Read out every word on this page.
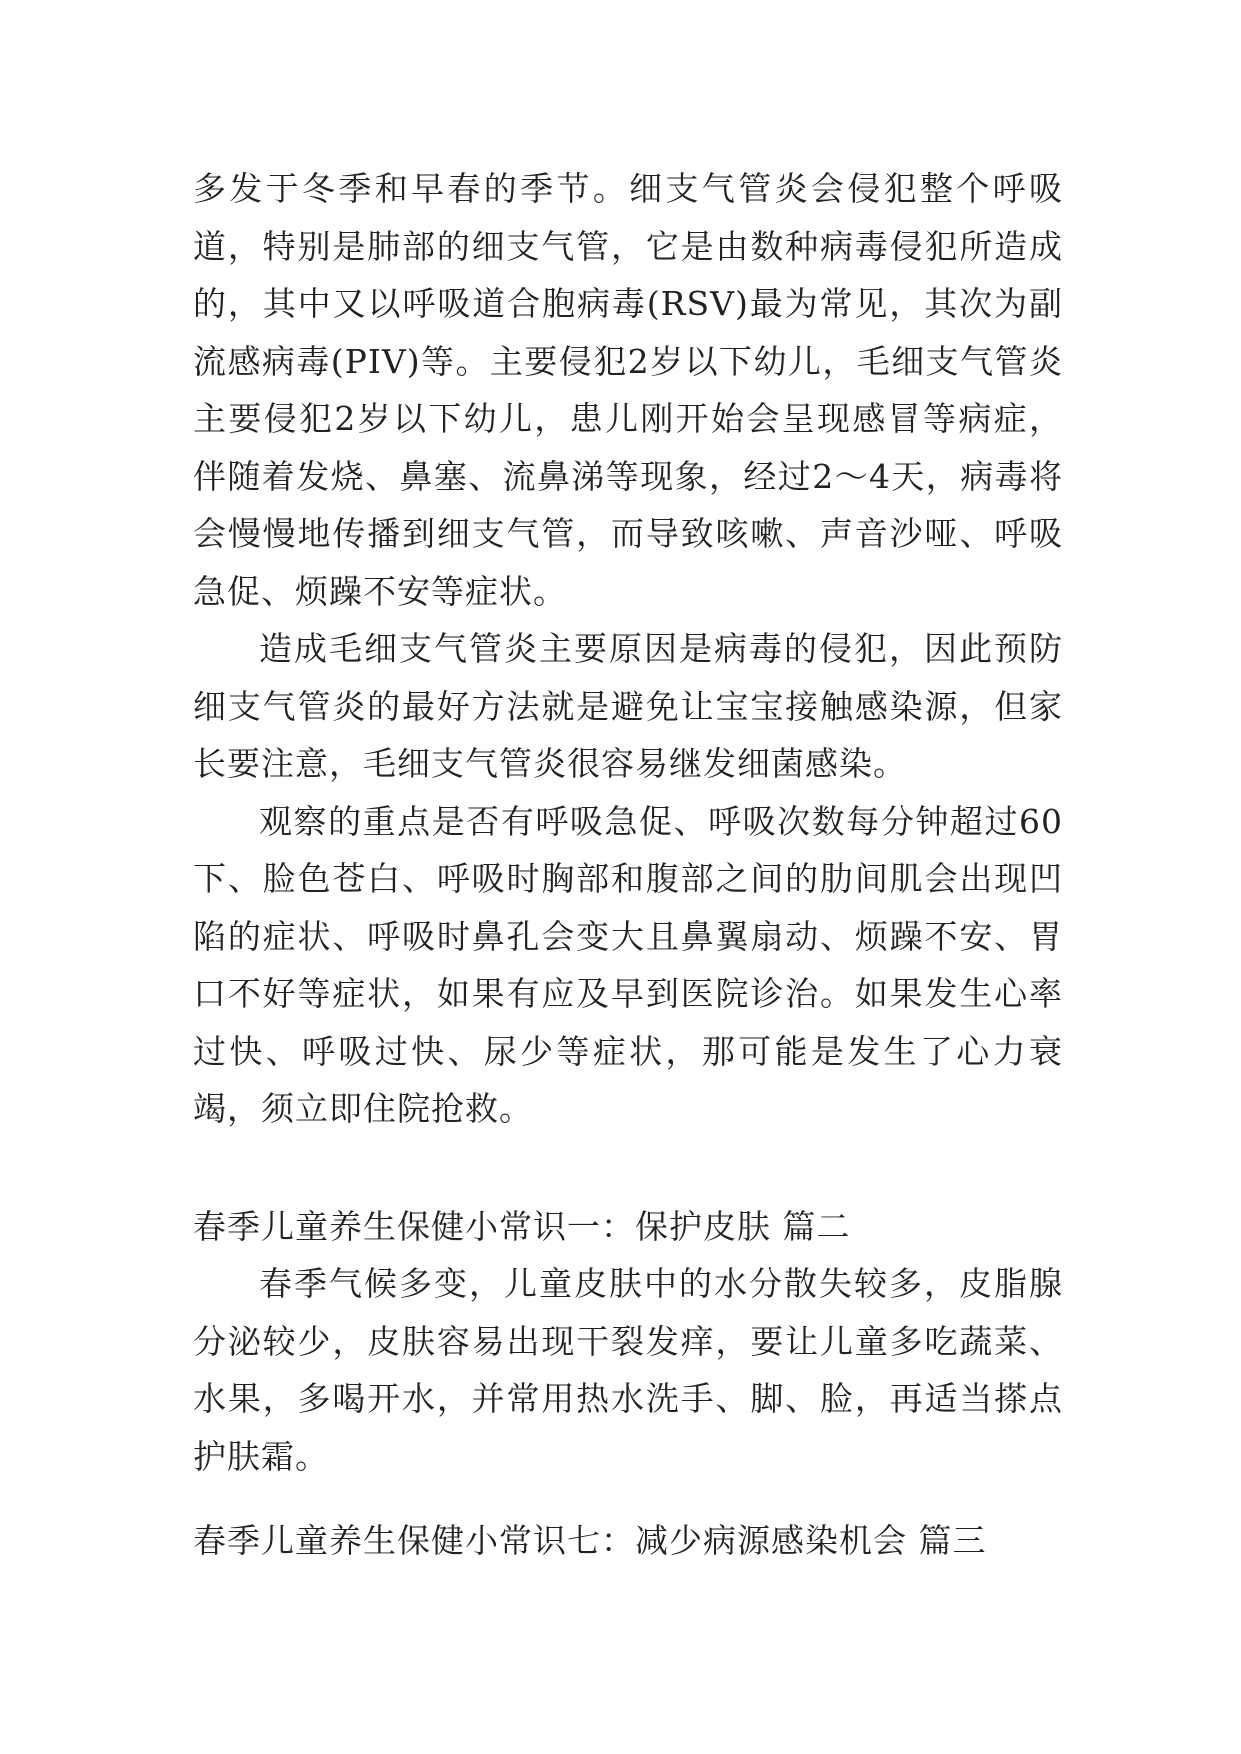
多发于冬季和早春的季节。细支气管炎会侵犯整个呼吸道，特别是肺部的细支气管，它是由数种病毒侵犯所造成的，其中又以呼吸道合胞病毒(RSV)最为常见，其次为副流感病毒(PIV)等。主要侵犯2岁以下幼儿，毛细支气管炎主要侵犯2岁以下幼儿，患儿刚开始会呈现感冒等病症，伴随着发烧、鼻塞、流鼻涕等现象，经过2～4天，病毒将会慢慢地传播到细支气管，而导致咳嗽、声音沙哑、呼吸急促、烦躁不安等症状。

造成毛细支气管炎主要原因是病毒的侵犯，因此预防细支气管炎的最好方法就是避免让宝宝接触感染源，但家长要注意，毛细支气管炎很容易继发细菌感染。

观察的重点是否有呼吸急促、呼吸次数每分钟超过60下、脸色苍白、呼吸时胸部和腹部之间的肋间肌会出现凹陷的症状、呼吸时鼻孔会变大且鼻翼扇动、烦躁不安、胃口不好等症状，如果有应及早到医院诊治。如果发生心率过快、呼吸过快、尿少等症状，那可能是发生了心力衰竭，须立即住院抢救。

春季儿童养生保健小常识一：保护皮肤 篇二

春季气候多变，儿童皮肤中的水分散失较多，皮脂腺分泌较少，皮肤容易出现干裂发痒，要让儿童多吃蔬菜、水果，多喝开水，并常用热水洗手、脚、脸，再适当搽点护肤霜。

春季儿童养生保健小常识七：减少病源感染机会 篇三
